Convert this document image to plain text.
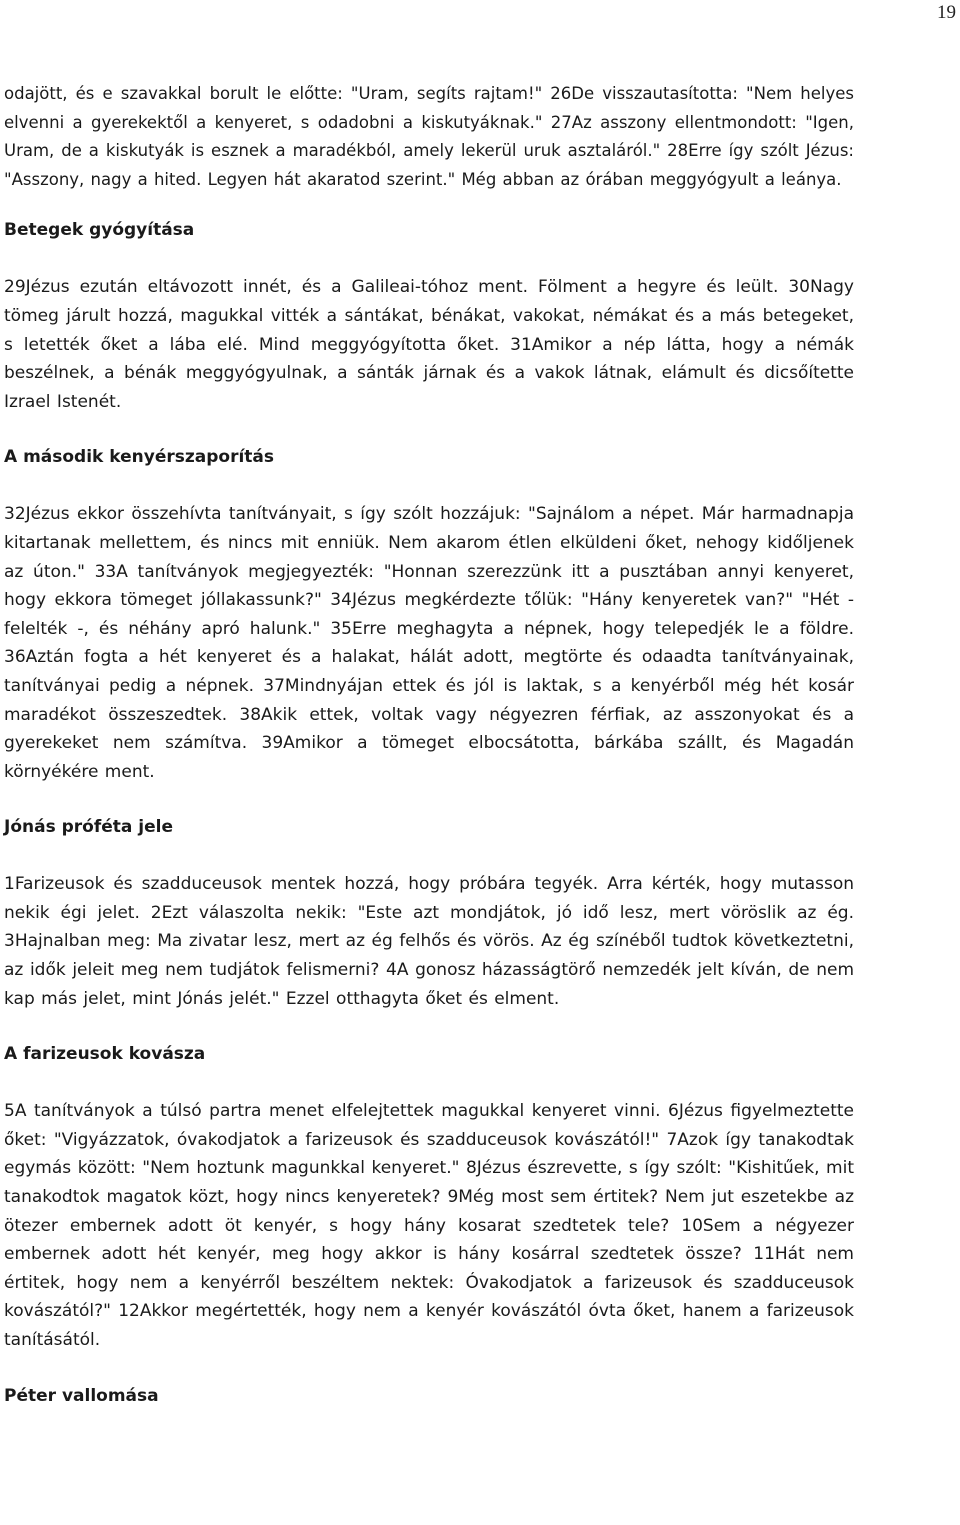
19

odajött, és e szavakkal borult le előtte: "Uram, segíts rajtam!" 26De visszautasította: "Nem helyes elvenni a gyerekektől a kenyeret, s odadobni a kiskutyáknak." 27Az asszony ellentmondott: "Igen, Uram, de a kiskutyák is esznek a maradékból, amely lekerül uruk asztaláról." 28Erre így szólt Jézus: "Asszony, nagy a hited. Legyen hát akaratod szerint." Még abban az órában meggyógyult a leánya.

Betegek gyógyítása

29Jézus ezután eltávozott innét, és a Galileai-tóhoz ment. Fölment a hegyre és leült. 30Nagy tömeg járult hozzá, magukkal vitték a sántákat, bénákat, vakokat, némákat és a más betegeket, s letették őket a lába elé. Mind meggyógyította őket. 31Amikor a nép látta, hogy a némák beszélnek, a bénák meggyógyulnak, a sánták járnak és a vakok látnak, elámult és dicsőítette Izrael Istenét.

A második kenyérszaporítás

32Jézus ekkor összehívta tanítványait, s így szólt hozzájuk: "Sajnálom a népet. Már harmadnapja kitartanak mellettem, és nincs mit enniük. Nem akarom étlen elküldeni őket, nehogy kidőljenek az úton." 33A tanítványok megjegyezték: "Honnan szerezzünk itt a pusztában annyi kenyeret, hogy ekkora tömeget jóllakassunk?" 34Jézus megkérdezte tőlük: "Hány kenyeretek van?" "Hét - felelték -, és néhány apró halunk." 35Erre meghagyta a népnek, hogy telepedjék le a földre. 36Aztán fogta a hét kenyeret és a halakat, hálát adott, megtörte és odaadta tanítványainak, tanítványai pedig a népnek. 37Mindnyájan ettek és jól is laktak, s a kenyérből még hét kosár maradékot összeszedtek. 38Akik ettek, voltak vagy négyezren férfiak, az asszonyokat és a gyerekeket nem számítva. 39Amikor a tömeget elbocsátotta, bárkába szállt, és Magadán környékére ment.

Jónás próféta jele

1Farizeusok és szadduceusok mentek hozzá, hogy próbára tegyék. Arra kérték, hogy mutasson nekik égi jelet. 2Ezt válaszolta nekik: "Este azt mondjátok, jó idő lesz, mert vöröslik az ég. 3Hajnalban meg: Ma zivatar lesz, mert az ég felhős és vörös. Az ég színéből tudtok következtetni, az idők jeleit meg nem tudjátok felismerni? 4A gonosz házasságtörő nemzedék jelt kíván, de nem kap más jelet, mint Jónás jelét." Ezzel otthagyta őket és elment.

A farizeusok kovásza

5A tanítványok a túlsó partra menet elfelejtettek magukkal kenyeret vinni. 6Jézus figyelmeztette őket: "Vigyázzatok, óvakodjatok a farizeusok és szadduceusok kovászától!" 7Azok így tanakodtak egymás között: "Nem hoztunk magunkkal kenyeret." 8Jézus észrevette, s így szólt: "Kishitűek, mit tanakodtok magatok közt, hogy nincs kenyeretek? 9Még most sem értitek? Nem jut eszetekbe az ötezer embernek adott öt kenyér, s hogy hány kosarat szedtetek tele? 10Sem a négyezer embernek adott hét kenyér, meg hogy akkor is hány kosárral szedtetek össze? 11Hát nem értitek, hogy nem a kenyérről beszéltem nektek: Óvakodjatok a farizeusok és szadduceusok kovászától?" 12Akkor megértették, hogy nem a kenyér kovászától óvta őket, hanem a farizeusok tanításától.

Péter vallomása
